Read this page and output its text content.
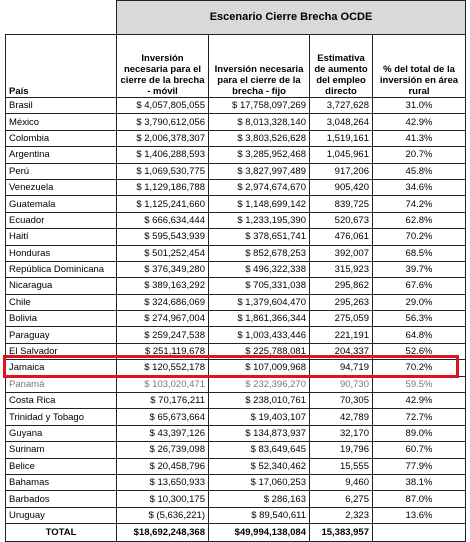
	Escenario Cierre Brecha OCDE			
País	Inversión necesaria para el cierre de la brecha - móvil	Inversión necesaria para el cierre de la brecha - fijo	Estimativa de aumento del empleo directo	% del total de la inversión en área rural
Brasil	$ 4,057,805,055	$ 17,758,097,269	3,727,628	31.0%
México	$ 3,790,612,056	$ 8,013,328,140	3,048,264	42.9%
Colombia	$ 2,006,378,307	$ 3,803,526,628	1,519,161	41.3%
Argentina	$ 1,406,288,593	$ 3,285,952,468	1,045,961	20.7%
Perú	$ 1,069,530,775	$ 3,827,997,489	917,206	45.8%
Venezuela	$ 1,129,186,788	$ 2,974,674,670	905,420	34.6%
Guatemala	$ 1,125,241,660	$ 1,148,699,142	839,725	74.2%
Ecuador	$ 666,634,444	$ 1,233,195,390	520,673	62.8%
Haití	$ 595,543,939	$ 378,651,741	476,061	70.2%
Honduras	$ 501,252,454	$ 852,678,253	392,007	68.5%
República Dominicana	$ 376,349,280	$ 496,322,338	315,923	39.7%
Nicaragua	$ 389,163,292	$ 705,331,038	295,862	67.6%
Chile	$ 324,686,069	$ 1,379,604,470	295,263	29.0%
Bolivia	$ 274,967,004	$ 1,861,366,344	275,059	56.3%
Paraguay	$ 259,247,538	$ 1,003,433,446	221,191	64.8%
El Salvador	$ 251,119,678	$ 225,788,081	204,337	52.6%
Jamaica	$ 120,552,178	$ 107,009,968	94,719	70.2%
Panamá	$ 103,020,471	$ 232,396,270	90,730	59.5%
Costa Rica	$ 70,176,211	$ 238,010,761	70,305	42.9%
Trinidad y Tobago	$ 65,673,664	$ 19,403,107	42,789	72.7%
Guyana	$ 43,397,126	$ 134,873,937	32,170	89.0%
Surinam	$ 26,739,098	$ 83,649,645	19,796	60.7%
Belice	$ 20,458,796	$ 52,340,462	15,555	77.9%
Bahamas	$ 13,650,933	$ 17,060,253	9,460	38.1%
Barbados	$ 10,300,175	$ 286,163	6,275	87.0%
Uruguay	$ (5,636,221)	$ 89,540,611	2,323	13.6%
TOTAL	$18,692,248,368	$49,994,138,084	15,383,957	
